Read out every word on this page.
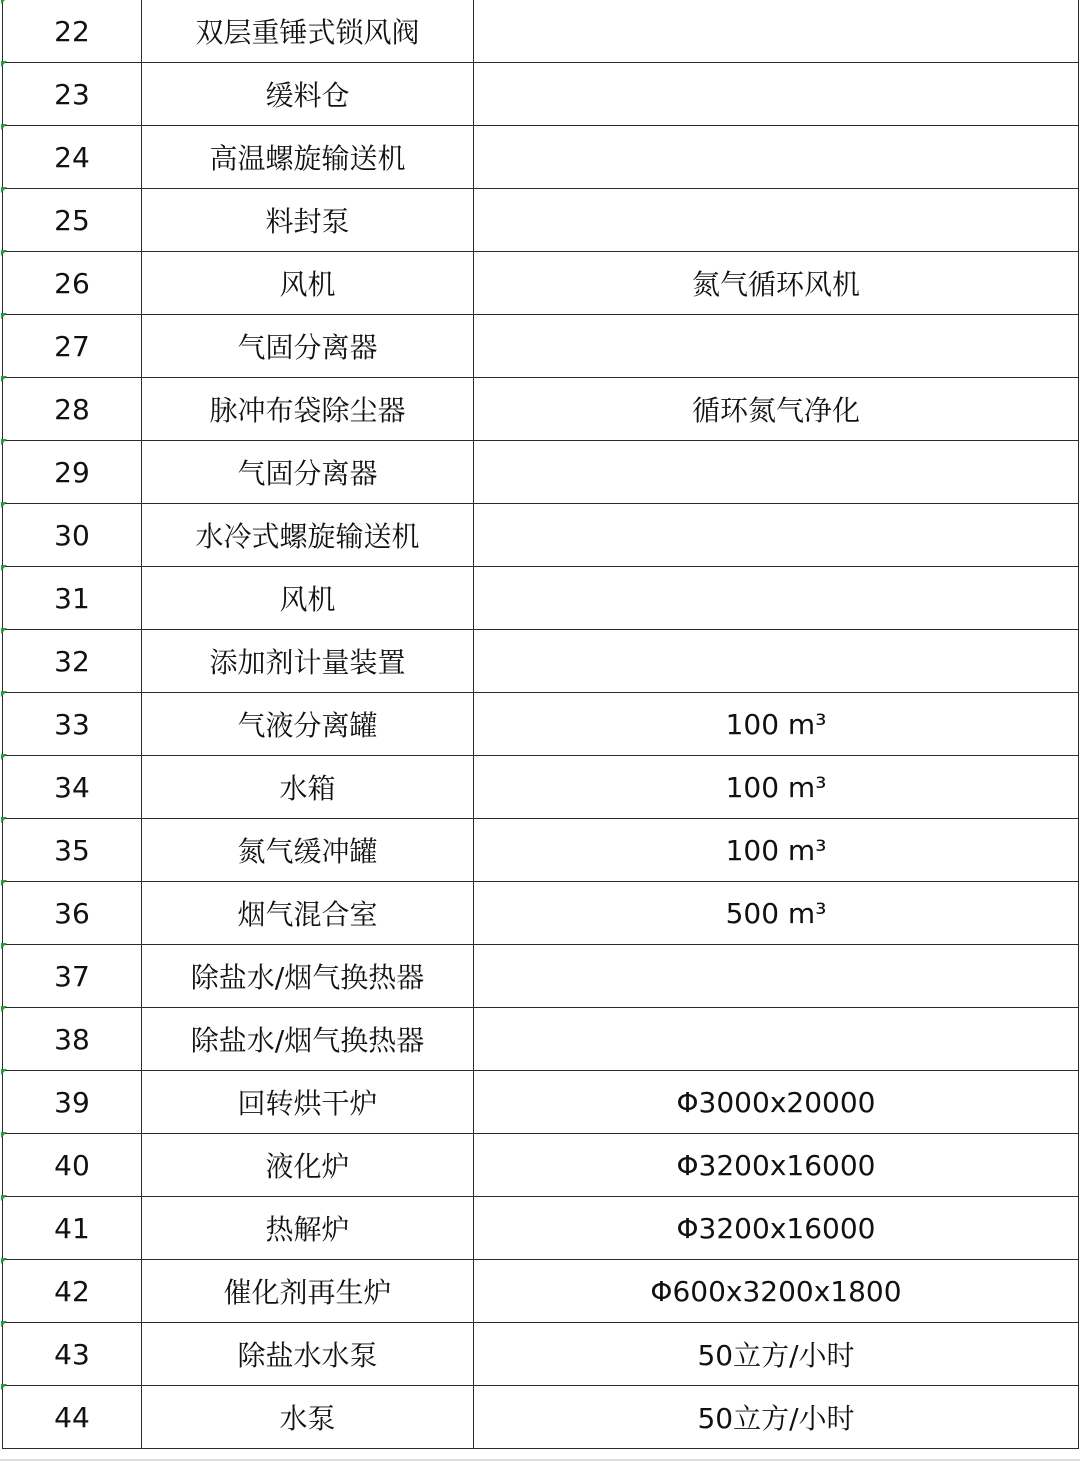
22	双层重锤式锁风阀	
23	缓料仓	
24	高温螺旋输送机	
25	料封泵	
26	风机	氮气循环风机
27	气固分离器	
28	脉冲布袋除尘器	循环氮气净化
29	气固分离器	
30	水冷式螺旋输送机	
31	风机	
32	添加剂计量装置	
33	气液分离罐	100 m³
34	水箱	100 m³
35	氮气缓冲罐	100 m³
36	烟气混合室	500 m³
37	除盐水/烟气换热器	
38	除盐水/烟气换热器	
39	回转烘干炉	Φ3000x20000
40	液化炉	Φ3200x16000
41	热解炉	Φ3200x16000
42	催化剂再生炉	Φ600x3200x1800
43	除盐水水泵	50立方/小时
44	水泵	50立方/小时
